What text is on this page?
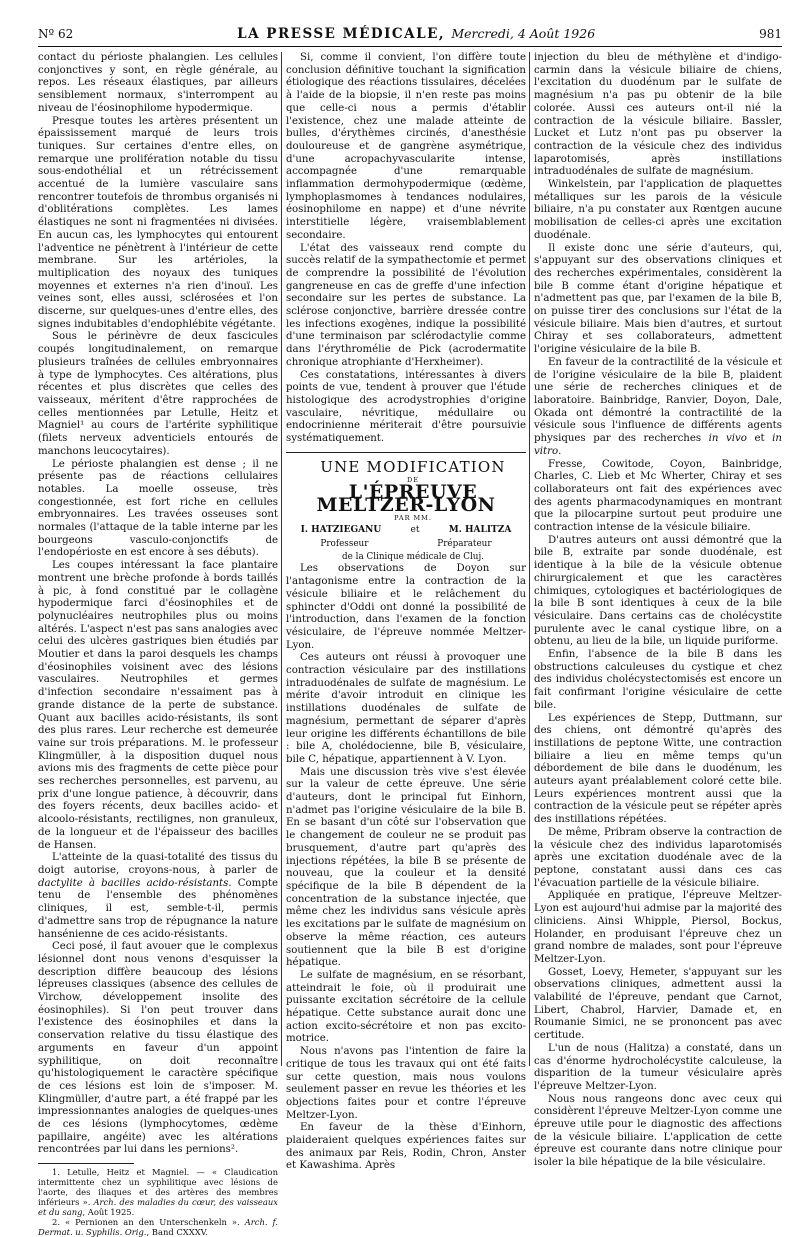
Nº 62	LA PRESSE MÉDICALE, Mercredi, 4 Août 1926	981

contact du périoste phalangien. Les cellules conjonctives y sont, en règle générale, au repos. Les réseaux élastiques, par ailleurs sensiblement normaux, s'interrompent au niveau de l'éosinophilome hypodermique.

Presque toutes les artères présentent un épaississement marqué de leurs trois tuniques. Sur certaines d'entre elles, on remarque une prolifération notable du tissu sous-endothélial et un rétrécissement accentué de la lumière vasculaire sans rencontrer toutefois de thrombus organisés ni d'oblitérations complètes. Les lames élastiques ne sont ni fragmentées ni divisées. En aucun cas, les lymphocytes qui entourent l'adventice ne pénètrent à l'intérieur de cette membrane. Sur les artérioles, la multiplication des noyaux des tuniques moyennes et externes n'a rien d'inouï. Les veines sont, elles aussi, sclérosées et l'on discerne, sur quelques-unes d'entre elles, des signes indubitables d'endophlébite végétante.

Sous le périnèvre de deux fascicules coupés longitudinalement, on remarque plusieurs traînées de cellules embryonnaires à type de lymphocytes. Ces altérations, plus récentes et plus discrètes que celles des vaisseaux, méritent d'être rapprochées de celles mentionnées par Letulle, Heitz et Magniel¹ au cours de l'artérite syphilitique (filets nerveux adventiciels entourés de manchons leucocytaires).

Le périoste phalangien est dense ; il ne présente pas de réactions cellulaires notables. La moelle osseuse, très congestionnée, est fort riche en cellules embryonnaires. Les travées osseuses sont normales (l'attaque de la table interne par les bourgeons vasculo-conjonctifs de l'endopérioste en est encore à ses débuts).

Les coupes intéressant la face plantaire montrent une brèche profonde à bords taillés à pic, à fond constitué par le collagène hypodermique farci d'éosinophiles et de polynucléaires neutrophiles plus ou moins altérés. L'aspect n'est pas sans analogies avec celui des ulcères gastriques bien étudiés par Moutier et dans la paroi desquels les champs d'éosinophiles voisinent avec des lésions vasculaires. Neutrophiles et germes d'infection secondaire n'essaiment pas à grande distance de la perte de substance. Quant aux bacilles acido-résistants, ils sont des plus rares. Leur recherche est demeurée vaine sur trois préparations. M. le professeur Klingmüller, à la disposition duquel nous avions mis des fragments de cette pièce pour ses recherches personnelles, est parvenu, au prix d'une longue patience, à découvrir, dans des foyers récents, deux bacilles acido- et alcoolo-résistants, rectilignes, non granuleux, de la longueur et de l'épaisseur des bacilles de Hansen.

L'atteinte de la quasi-totalité des tissus du doigt autorise, croyons-nous, à parler de dactylite à bacilles acido-résistants. Compte tenu de l'ensemble des phénomènes cliniques, il est, semble-t-il, permis d'admettre sans trop de répugnance la nature hansénienne de ces acido-résistants.

Ceci posé, il faut avouer que le complexus lésionnel dont nous venons d'esquisser la description diffère beaucoup des lésions lépreuses classiques (absence des cellules de Virchow, développement insolite des éosinophiles). Si l'on peut trouver dans l'existence des éosinophiles et dans la conservation relative du tissu élastique des arguments en faveur d'un appoint syphilitique, on doit reconnaître qu'histologiquement le caractère spécifique de ces lésions est loin de s'imposer. M. Klingmüller, d'autre part, a été frappé par les impressionnantes analogies de quelques-unes de ces lésions (lymphocytomes, œdème papillaire, angéite) avec les altérations rencontrées par lui dans les pernions².

1. Letulle, Heitz et Magniel. — « Claudication intermittente chez un syphilitique avec lésions de l'aorte, des iliaques et des artères des membres inférieurs ». Arch. des maladies du cœur, des vaisseaux et du sang, Août 1925.

2. « Pernionen an den Unterschenkeln ». Arch. f. Dermat. u. Syphilis. Orig., Band CXXXV.

Si, comme il convient, l'on diffère toute conclusion définitive touchant la signification étiologique des réactions tissulaires, décelées à l'aide de la biopsie, il n'en reste pas moins que celle-ci nous a permis d'établir l'existence, chez une malade atteinte de bulles, d'érythèmes circinés, d'anesthésie douloureuse et de gangrène asymétrique, d'une acropachyvascularite intense, accompagnée d'une remarquable inflammation dermohypodermique (œdème, lymphoplasmomes à tendances nodulaires, éosinophilome en nappe) et d'une névrite interstitielle légère, vraisemblablement secondaire.

L'état des vaisseaux rend compte du succès relatif de la sympathectomie et permet de comprendre la possibilité de l'évolution gangreneuse en cas de greffe d'une infection secondaire sur les pertes de substance. La sclérose conjonctive, barrière dressée contre les infections exogènes, indique la possibilité d'une terminaison par sclérodactylie comme dans l'érythromélie de Pick (acrodermatite chronique atrophiante d'Herxheimer).

Ces constatations, intéressantes à divers points de vue, tendent à prouver que l'étude histologique des acrodystrophies d'origine vasculaire, névritique, médullaire ou endocrinienne mériterait d'être poursuivie systématiquement.

UNE MODIFICATION

DE

L'ÉPREUVE MELTZER-LYON

PAR MM.

I. HATZIEGANU	et	M. HALITZA
Professeur	Préparateur

de la Clinique médicale de Cluj.

Les observations de Doyon sur l'antagonisme entre la contraction de la vésicule biliaire et le relâchement du sphincter d'Oddi ont donné la possibilité de l'introduction, dans l'examen de la fonction vésiculaire, de l'épreuve nommée Meltzer-Lyon.

Ces auteurs ont réussi à provoquer une contraction vésiculaire par des instillations intraduodénales de sulfate de magnésium. Le mérite d'avoir introduit en clinique les instillations duodénales de sulfate de magnésium, permettant de séparer d'après leur origine les différents échantillons de bile : bile A, cholédocienne, bile B, vésiculaire, bile C, hépatique, appartiennent à V. Lyon.

Mais une discussion très vive s'est élevée sur la valeur de cette épreuve. Une série d'auteurs, dont le principal fut Einhorn, n'admet pas l'origine vésiculaire de la bile B. En se basant d'un côté sur l'observation que le changement de couleur ne se produit pas brusquement, d'autre part qu'après des injections répétées, la bile B se présente de nouveau, que la couleur et la densité spécifique de la bile B dépendent de la concentration de la substance injectée, que même chez les individus sans vésicule après les excitations par le sulfate de magnésium on observe la même réaction, ces auteurs soutiennent que la bile B est d'origine hépatique.

Le sulfate de magnésium, en se résorbant, atteindrait le foie, où il produirait une puissante excitation sécrétoire de la cellule hépatique. Cette substance aurait donc une action excito-sécrétoire et non pas excito-motrice.

Nous n'avons pas l'intention de faire la critique de tous les travaux qui ont été faits sur cette question, mais nous voulons seulement passer en revue les théories et les objections faites pour et contre l'épreuve Meltzer-Lyon.

En faveur de la thèse d'Einhorn, plaideraient quelques expériences faites sur des animaux par Reis, Rodin, Chron, Anster et Kawashima. Après

injection du bleu de méthylène et d'indigo-carmin dans la vésicule biliaire de chiens, l'excitation du duodénum par le sulfate de magnésium n'a pas pu obtenir de la bile colorée. Aussi ces auteurs ont-il nié la contraction de la vésicule biliaire. Bassler, Lucket et Lutz n'ont pas pu observer la contraction de la vésicule chez des individus laparotomisés, après instillations intraduodénales de sulfate de magnésium.

Winkelstein, par l'application de plaquettes métalliques sur les parois de la vésicule biliaire, n'a pu constater aux Rœntgen aucune mobilisation de celles-ci après une excitation duodénale.

Il existe donc une série d'auteurs, qui, s'appuyant sur des observations cliniques et des recherches expérimentales, considèrent la bile B comme étant d'origine hépatique et n'admettent pas que, par l'examen de la bile B, on puisse tirer des conclusions sur l'état de la vésicule biliaire. Mais bien d'autres, et surtout Chiray et ses collaborateurs, admettent l'origine vésiculaire de la bile B.

En faveur de la contractilité de la vésicule et de l'origine vésiculaire de la bile B, plaident une série de recherches cliniques et de laboratoire. Bainbridge, Ranvier, Doyon, Dale, Okada ont démontré la contractilité de la vésicule sous l'influence de différents agents physiques par des recherches in vivo et in vitro.

Fresse, Cowitode, Coyon, Bainbridge, Charles, C. Lieb et Mc Wherter, Chiray et ses collaborateurs ont fait des expériences avec des agents pharmacodynamiques en montrant que la pilocarpine surtout peut produire une contraction intense de la vésicule biliaire.

D'autres auteurs ont aussi démontré que la bile B, extraite par sonde duodénale, est identique à la bile de la vésicule obtenue chirurgicalement et que les caractères chimiques, cytologiques et bactériologiques de la bile B sont identiques à ceux de la bile vésiculaire. Dans certains cas de cholécystite purulente avec le canal cystique libre, on a obtenu, au lieu de la bile, un liquide puriforme.

Enfin, l'absence de la bile B dans les obstructions calculeuses du cystique et chez des individus cholécystectomisés est encore un fait confirmant l'origine vésiculaire de cette bile.

Les expériences de Stepp, Duttmann, sur des chiens, ont démontré qu'après des instillations de peptone Witte, une contraction biliaire a lieu en même temps qu'un débordement de bile dans le duodénum, les auteurs ayant préalablement coloré cette bile. Leurs expériences montrent aussi que la contraction de la vésicule peut se répéter après des instillations répétées.

De même, Pribram observe la contraction de la vésicule chez des individus laparotomisés après une excitation duodénale avec de la peptone, constatant aussi dans ces cas l'évacuation partielle de la vésicule biliaire.

Appliquée en pratique, l'épreuve Meltzer-Lyon est aujourd'hui admise par la majorité des cliniciens. Ainsi Whipple, Piersol, Bockus, Holander, en produisant l'épreuve chez un grand nombre de malades, sont pour l'épreuve Meltzer-Lyon.

Gosset, Loevy, Hemeter, s'appuyant sur les observations cliniques, admettent aussi la valabilité de l'épreuve, pendant que Carnot, Libert, Chabrol, Harvier, Damade et, en Roumanie Simici, ne se prononcent pas avec certitude.

L'un de nous (Halitza) a constaté, dans un cas d'énorme hydrocholécystite calculeuse, la disparition de la tumeur vésiculaire après l'épreuve Meltzer-Lyon.

Nous nous rangeons donc avec ceux qui considèrent l'épreuve Meltzer-Lyon comme une épreuve utile pour le diagnostic des affections de la vésicule biliaire. L'application de cette épreuve est courante dans notre clinique pour isoler la bile hépatique de la bile vésiculaire.
